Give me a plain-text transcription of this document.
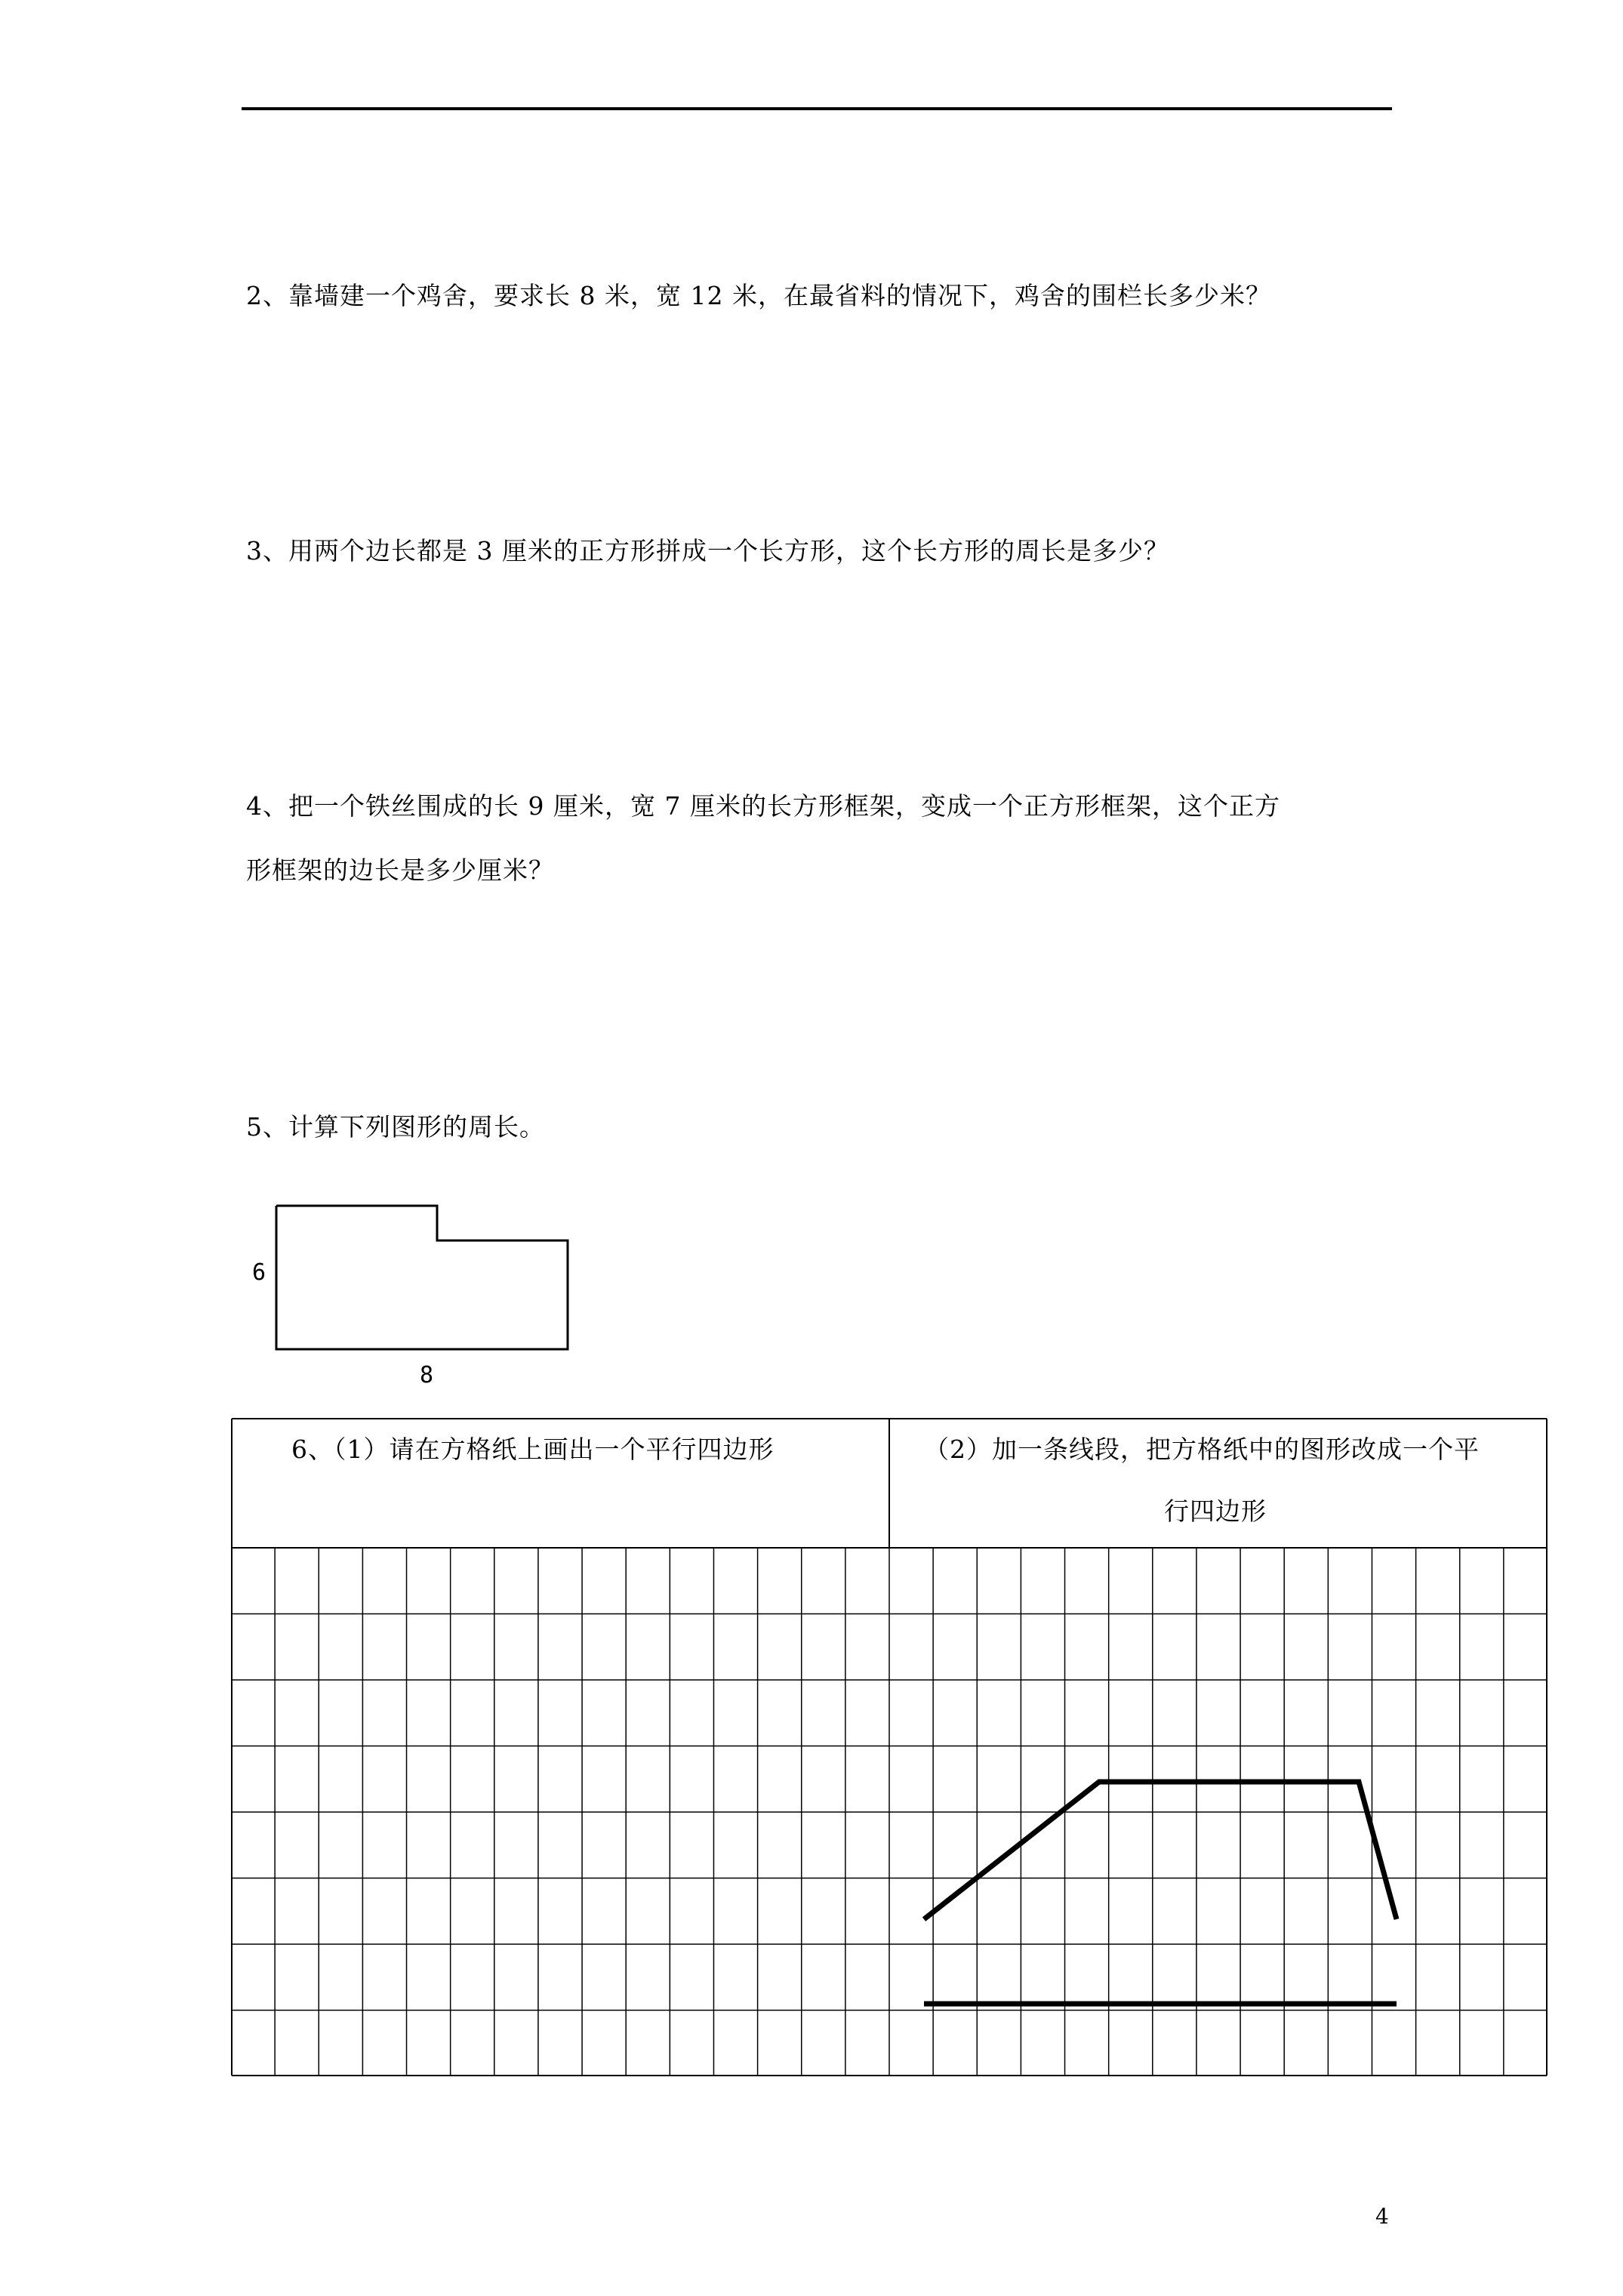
2、靠墙建一个鸡舍，要求长 8 米，宽 12 米，在最省料的情况下，鸡舍的围栏长多少米？
3、用两个边长都是 3 厘米的正方形拼成一个长方形，这个长方形的周长是多少？
4、把一个铁丝围成的长 9 厘米，宽 7 厘米的长方形框架，变成一个正方形框架，这个正方
形框架的边长是多少厘米？
5、计算下列图形的周长。
6
8
6、（1）请在方格纸上画出一个平行四边形	（2）加一条线段，把方格纸中的图形改成一个平
行四边形
4
